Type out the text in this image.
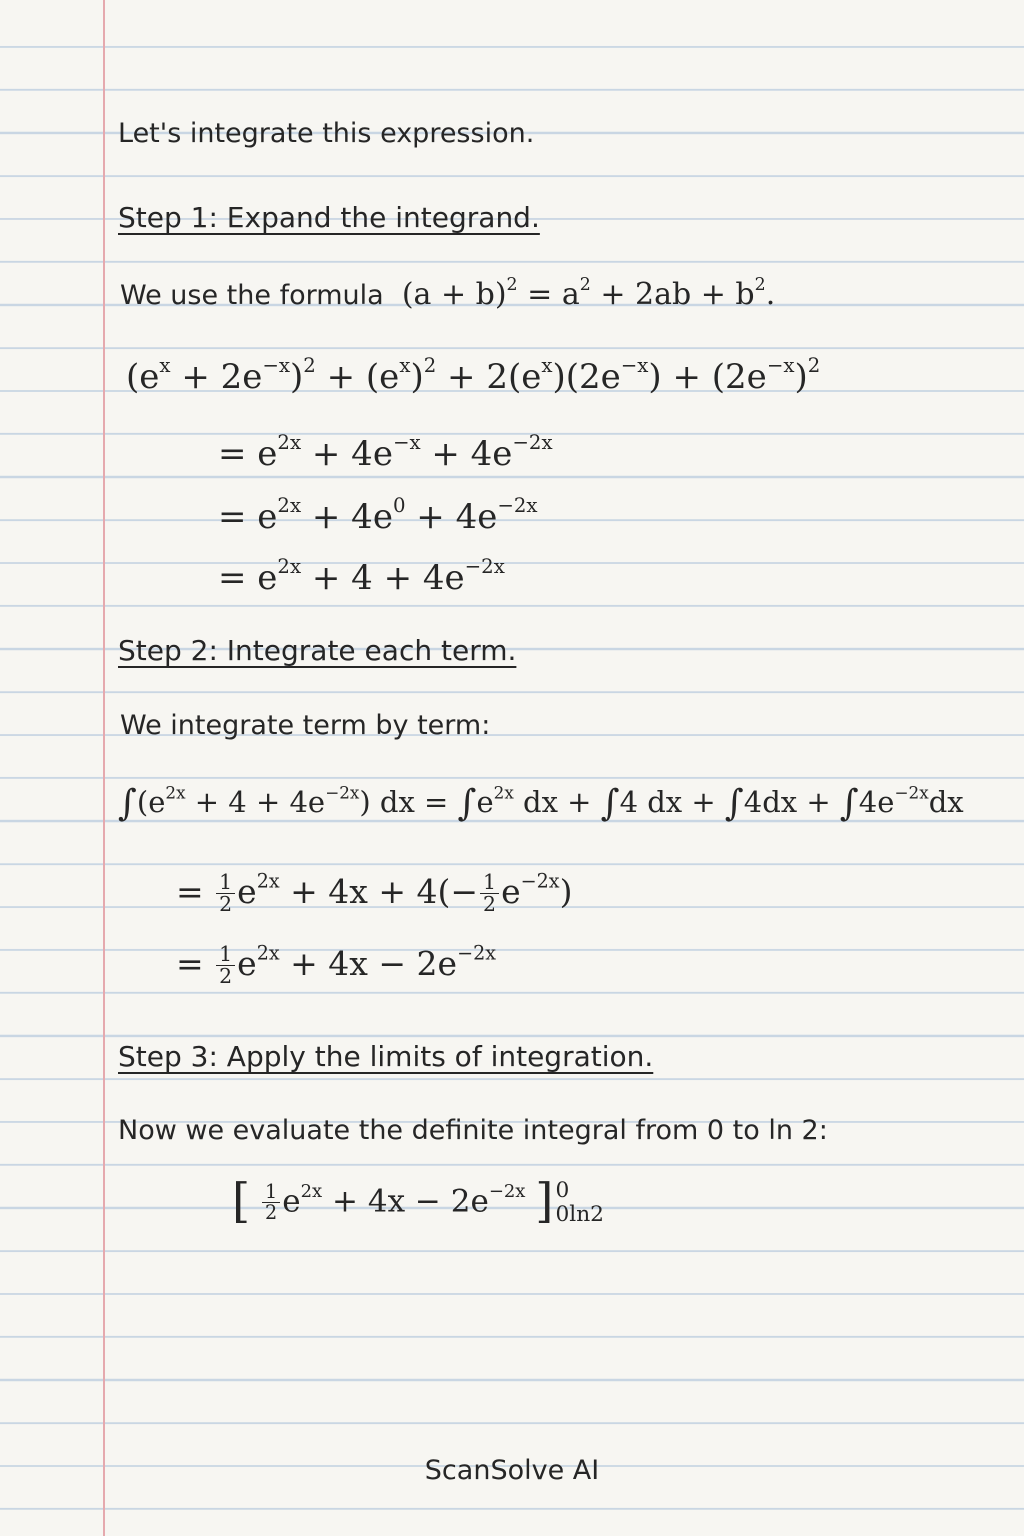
Let's integrate this expression.
Step 1: Expand the integrand.
We use the formula $(a + b)^2 = a^2 + 2ab + b^2$.
$(e^x + 2e^{-x})^2 + (e^x)^2 + 2(e^x)(2e^{-x}) + (2e^{-x})^2$
= $e^{2x} + 4e^{-x} + 4e^{-2x}$
= $e^{2x} + 4e^0 + 4e^{-2x}$
= $e^{2x} + 4 + 4e^{-2x}$
Step 2: Integrate each term.
We integrate term by term:
$\int(e^{2x} + 4 + 4e^{-2x})$ dx = $\int e^{2x}$ dx + ∫4 dx + $\int 4dx + \int 4e^{-2x}dx$
= $\frac{1}{2} e^{2x} + 4x + 4(- \frac{1}{2} e^{-2x})$
= $\frac{1}{2} e^{2x} + 4x - 2e^{-2x}$
Step 3: Apply the limits of integration.
Now we evaluate the definite integral from 0 to ln 2:
[ $\frac{1}{2} e^{2x} + 4x - 2e^{-2x}$ ] 0
0ln2
ScanSolve AI
